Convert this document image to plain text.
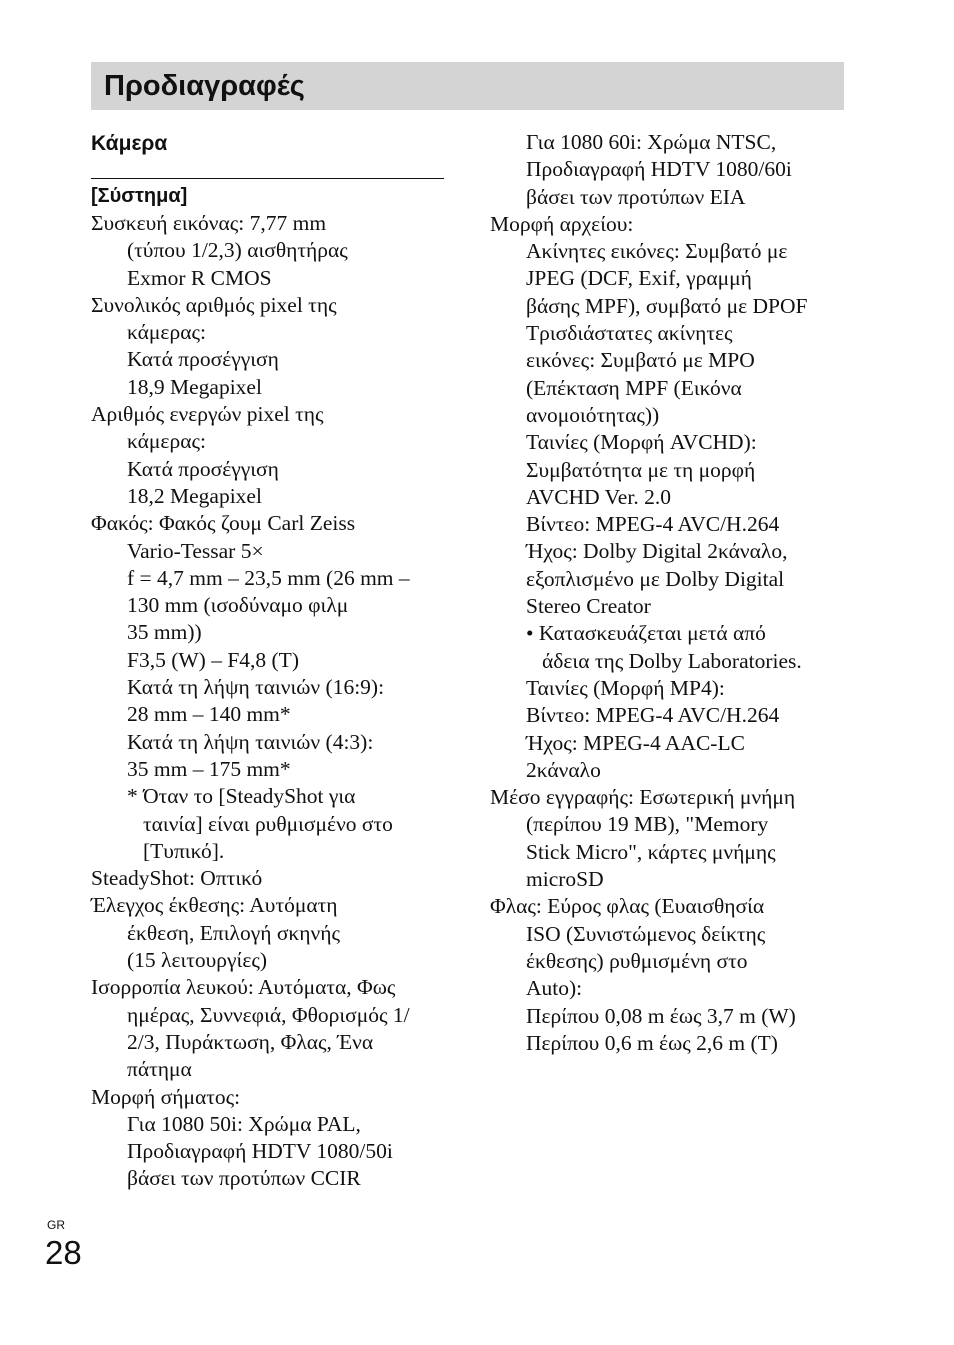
Προδιαγραφές
Κάμερα
[Σύστημα]
Συσκευή εικόνας: 7,77 mm
(τύπου 1/2,3) αισθητήρας
Exmor R CMOS
Συνολικός αριθμός pixel της
κάμερας:
Κατά προσέγγιση
18,9 Megapixel
Αριθμός ενεργών pixel της
κάμερας:
Κατά προσέγγιση
18,2 Megapixel
Φακός: Φακός ζουμ Carl Zeiss
Vario-Tessar 5×
f = 4,7 mm – 23,5 mm (26 mm –
130 mm (ισοδύναμο φιλμ
35 mm))
F3,5 (W) – F4,8 (T)
Κατά τη λήψη ταινιών (16:9):
28 mm – 140 mm*
Κατά τη λήψη ταινιών (4:3):
35 mm – 175 mm*
* Όταν το [SteadyShot για
ταινία] είναι ρυθμισμένο στο
[Τυπικό].
SteadyShot: Οπτικό
Έλεγχος έκθεσης: Αυτόματη
έκθεση, Επιλογή σκηνής
(15 λειτουργίες)
Ισορροπία λευκού: Αυτόματα, Φως
ημέρας, Συννεφιά, Φθορισμός 1/
2/3, Πυράκτωση, Φλας, Ένα
πάτημα
Μορφή σήματος:
Για 1080 50i: Χρώμα PAL,
Προδιαγραφή HDTV 1080/50i
βάσει των προτύπων CCIR
Για 1080 60i: Χρώμα NTSC,
Προδιαγραφή HDTV 1080/60i
βάσει των προτύπων EIA
Μορφή αρχείου:
Ακίνητες εικόνες: Συμβατό με
JPEG (DCF, Exif, γραμμή
βάσης MPF), συμβατό με DPOF
Τρισδιάστατες ακίνητες
εικόνες: Συμβατό με MPO
(Επέκταση MPF (Εικόνα
ανομοιότητας))
Ταινίες (Μορφή AVCHD):
Συμβατότητα με τη μορφή
AVCHD Ver. 2.0
Βίντεο: MPEG-4 AVC/H.264
Ήχος: Dolby Digital 2κάναλο,
εξοπλισμένο με Dolby Digital
Stereo Creator
• Κατασκευάζεται μετά από
άδεια της Dolby Laboratories.
Ταινίες (Μορφή MP4):
Βίντεο: MPEG-4 AVC/H.264
Ήχος: MPEG-4 AAC-LC
2κάναλο
Μέσο εγγραφής: Εσωτερική μνήμη
(περίπου 19 MB), "Memory
Stick Micro", κάρτες μνήμης
microSD
Φλας: Εύρος φλας (Ευαισθησία
ISO (Συνιστώμενος δείκτης
έκθεσης) ρυθμισμένη στο
Auto):
Περίπου 0,08 m έως 3,7 m (W)
Περίπου 0,6 m έως 2,6 m (T)
GR
28
